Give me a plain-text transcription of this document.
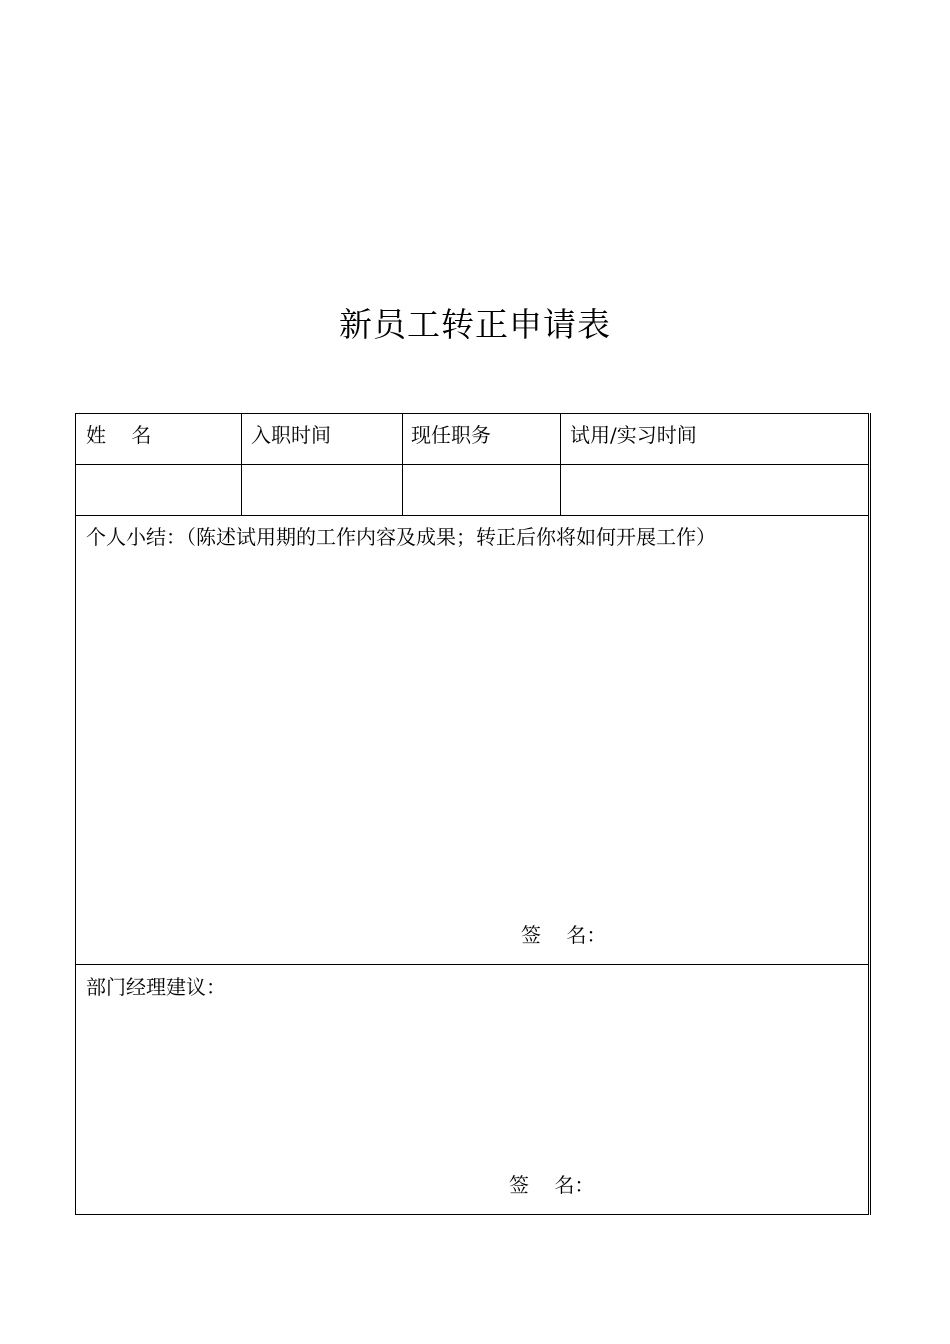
新员工转正申请表
姓    名	入职时间	现任职务	试用/实习时间
个人小结：（陈述试用期的工作内容及成果；转正后你将如何开展工作）
签    名：
部门经理建议：
签    名：
